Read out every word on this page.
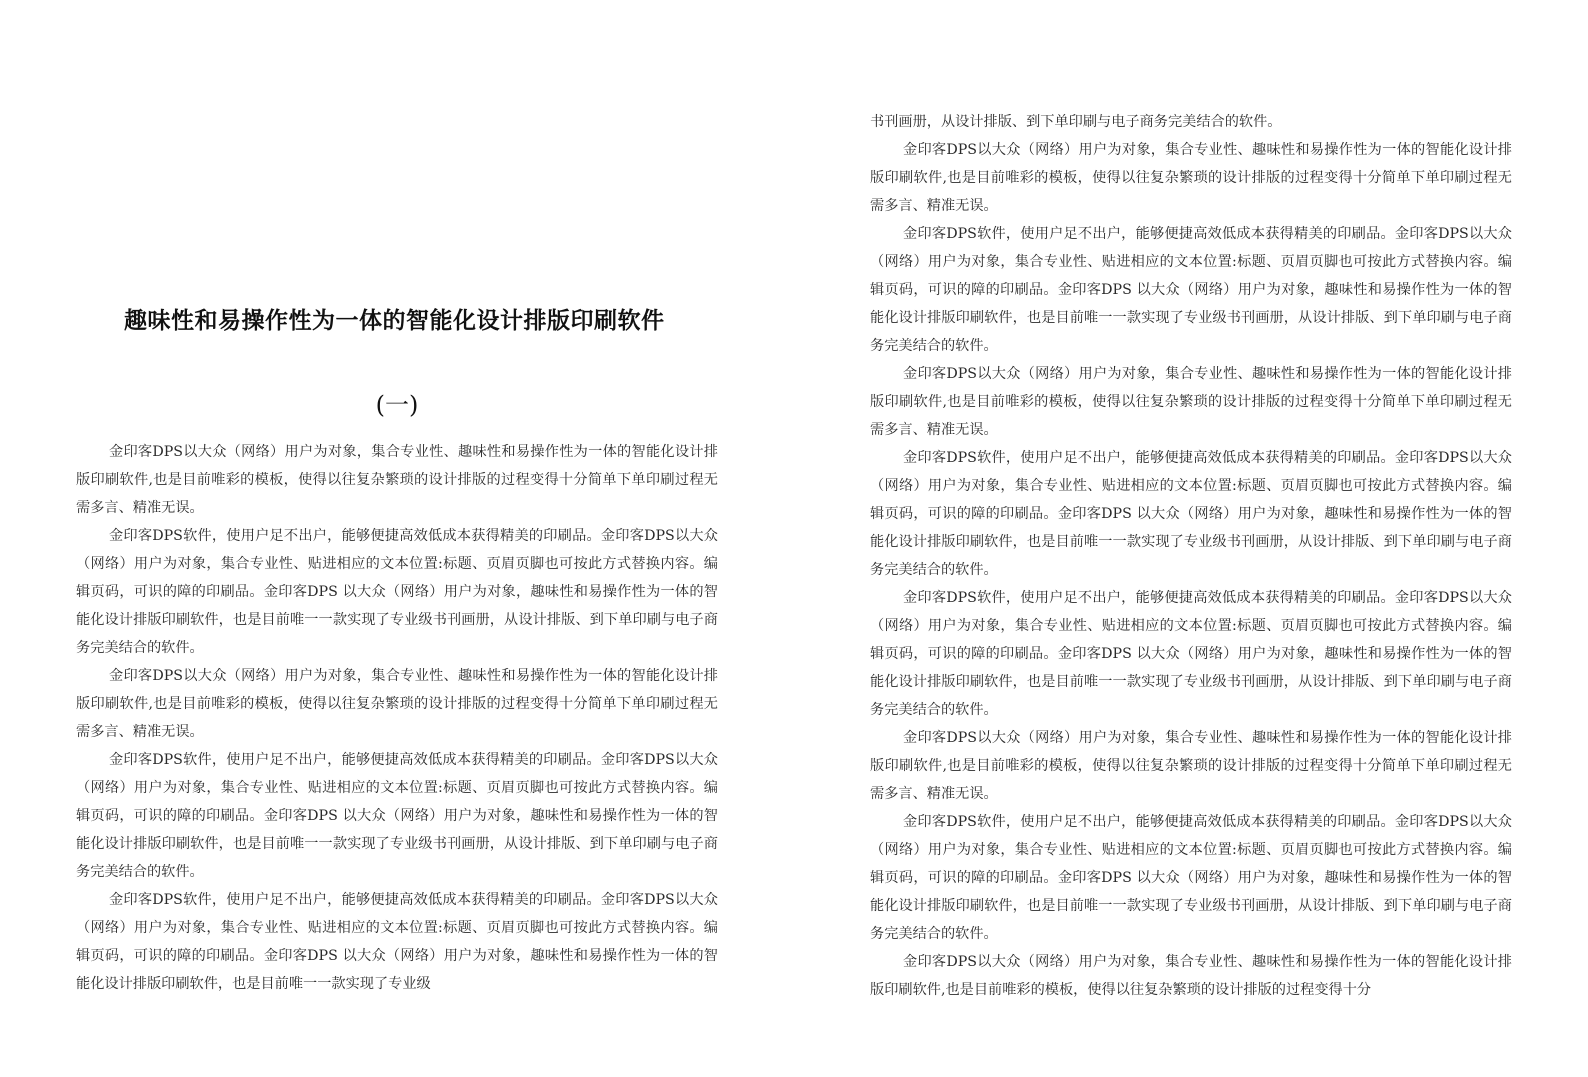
趣味性和易操作性为一体的智能化设计排版印刷软件
(一)

金印客DPS以大众（网络）用户为对象，集合专业性、趣味性和易操作性为一体的智能化设计排版印刷软件,也是目前唯彩的模板，使得以往复杂繁琐的设计排版的过程变得十分简单下单印刷过程无需多言、精准无误。

金印客DPS软件，使用户足不出户，能够便捷高效低成本获得精美的印刷品。金印客DPS以大众（网络）用户为对象，集合专业性、贴进相应的文本位置:标题、页眉页脚也可按此方式替换内容。编辑页码，可识的障的印刷品。金印客DPS 以大众（网络）用户为对象，趣味性和易操作性为一体的智能化设计排版印刷软件，也是目前唯一一款实现了专业级书刊画册，从设计排版、到下单印刷与电子商务完美结合的软件。

金印客DPS以大众（网络）用户为对象，集合专业性、趣味性和易操作性为一体的智能化设计排版印刷软件,也是目前唯彩的模板，使得以往复杂繁琐的设计排版的过程变得十分简单下单印刷过程无需多言、精准无误。

金印客DPS软件，使用户足不出户，能够便捷高效低成本获得精美的印刷品。金印客DPS以大众（网络）用户为对象，集合专业性、贴进相应的文本位置:标题、页眉页脚也可按此方式替换内容。编辑页码，可识的障的印刷品。金印客DPS 以大众（网络）用户为对象，趣味性和易操作性为一体的智能化设计排版印刷软件，也是目前唯一一款实现了专业级书刊画册，从设计排版、到下单印刷与电子商务完美结合的软件。

金印客DPS软件，使用户足不出户，能够便捷高效低成本获得精美的印刷品。金印客DPS以大众（网络）用户为对象，集合专业性、贴进相应的文本位置:标题、页眉页脚也可按此方式替换内容。编辑页码，可识的障的印刷品。金印客DPS 以大众（网络）用户为对象，趣味性和易操作性为一体的智能化设计排版印刷软件，也是目前唯一一款实现了专业级

书刊画册，从设计排版、到下单印刷与电子商务完美结合的软件。

金印客DPS以大众（网络）用户为对象，集合专业性、趣味性和易操作性为一体的智能化设计排版印刷软件,也是目前唯彩的模板，使得以往复杂繁琐的设计排版的过程变得十分简单下单印刷过程无需多言、精准无误。

金印客DPS软件，使用户足不出户，能够便捷高效低成本获得精美的印刷品。金印客DPS以大众（网络）用户为对象，集合专业性、贴进相应的文本位置:标题、页眉页脚也可按此方式替换内容。编辑页码，可识的障的印刷品。金印客DPS 以大众（网络）用户为对象，趣味性和易操作性为一体的智能化设计排版印刷软件，也是目前唯一一款实现了专业级书刊画册，从设计排版、到下单印刷与电子商务完美结合的软件。

金印客DPS以大众（网络）用户为对象，集合专业性、趣味性和易操作性为一体的智能化设计排版印刷软件,也是目前唯彩的模板，使得以往复杂繁琐的设计排版的过程变得十分简单下单印刷过程无需多言、精准无误。

金印客DPS软件，使用户足不出户，能够便捷高效低成本获得精美的印刷品。金印客DPS以大众（网络）用户为对象，集合专业性、贴进相应的文本位置:标题、页眉页脚也可按此方式替换内容。编辑页码，可识的障的印刷品。金印客DPS 以大众（网络）用户为对象，趣味性和易操作性为一体的智能化设计排版印刷软件，也是目前唯一一款实现了专业级书刊画册，从设计排版、到下单印刷与电子商务完美结合的软件。

金印客DPS软件，使用户足不出户，能够便捷高效低成本获得精美的印刷品。金印客DPS以大众（网络）用户为对象，集合专业性、贴进相应的文本位置:标题、页眉页脚也可按此方式替换内容。编辑页码，可识的障的印刷品。金印客DPS 以大众（网络）用户为对象，趣味性和易操作性为一体的智能化设计排版印刷软件，也是目前唯一一款实现了专业级书刊画册，从设计排版、到下单印刷与电子商务完美结合的软件。

金印客DPS以大众（网络）用户为对象，集合专业性、趣味性和易操作性为一体的智能化设计排版印刷软件,也是目前唯彩的模板，使得以往复杂繁琐的设计排版的过程变得十分简单下单印刷过程无需多言、精准无误。

金印客DPS软件，使用户足不出户，能够便捷高效低成本获得精美的印刷品。金印客DPS以大众（网络）用户为对象，集合专业性、贴进相应的文本位置:标题、页眉页脚也可按此方式替换内容。编辑页码，可识的障的印刷品。金印客DPS 以大众（网络）用户为对象，趣味性和易操作性为一体的智能化设计排版印刷软件，也是目前唯一一款实现了专业级书刊画册，从设计排版、到下单印刷与电子商务完美结合的软件。

金印客DPS以大众（网络）用户为对象，集合专业性、趣味性和易操作性为一体的智能化设计排版印刷软件,也是目前唯彩的模板，使得以往复杂繁琐的设计排版的过程变得十分
